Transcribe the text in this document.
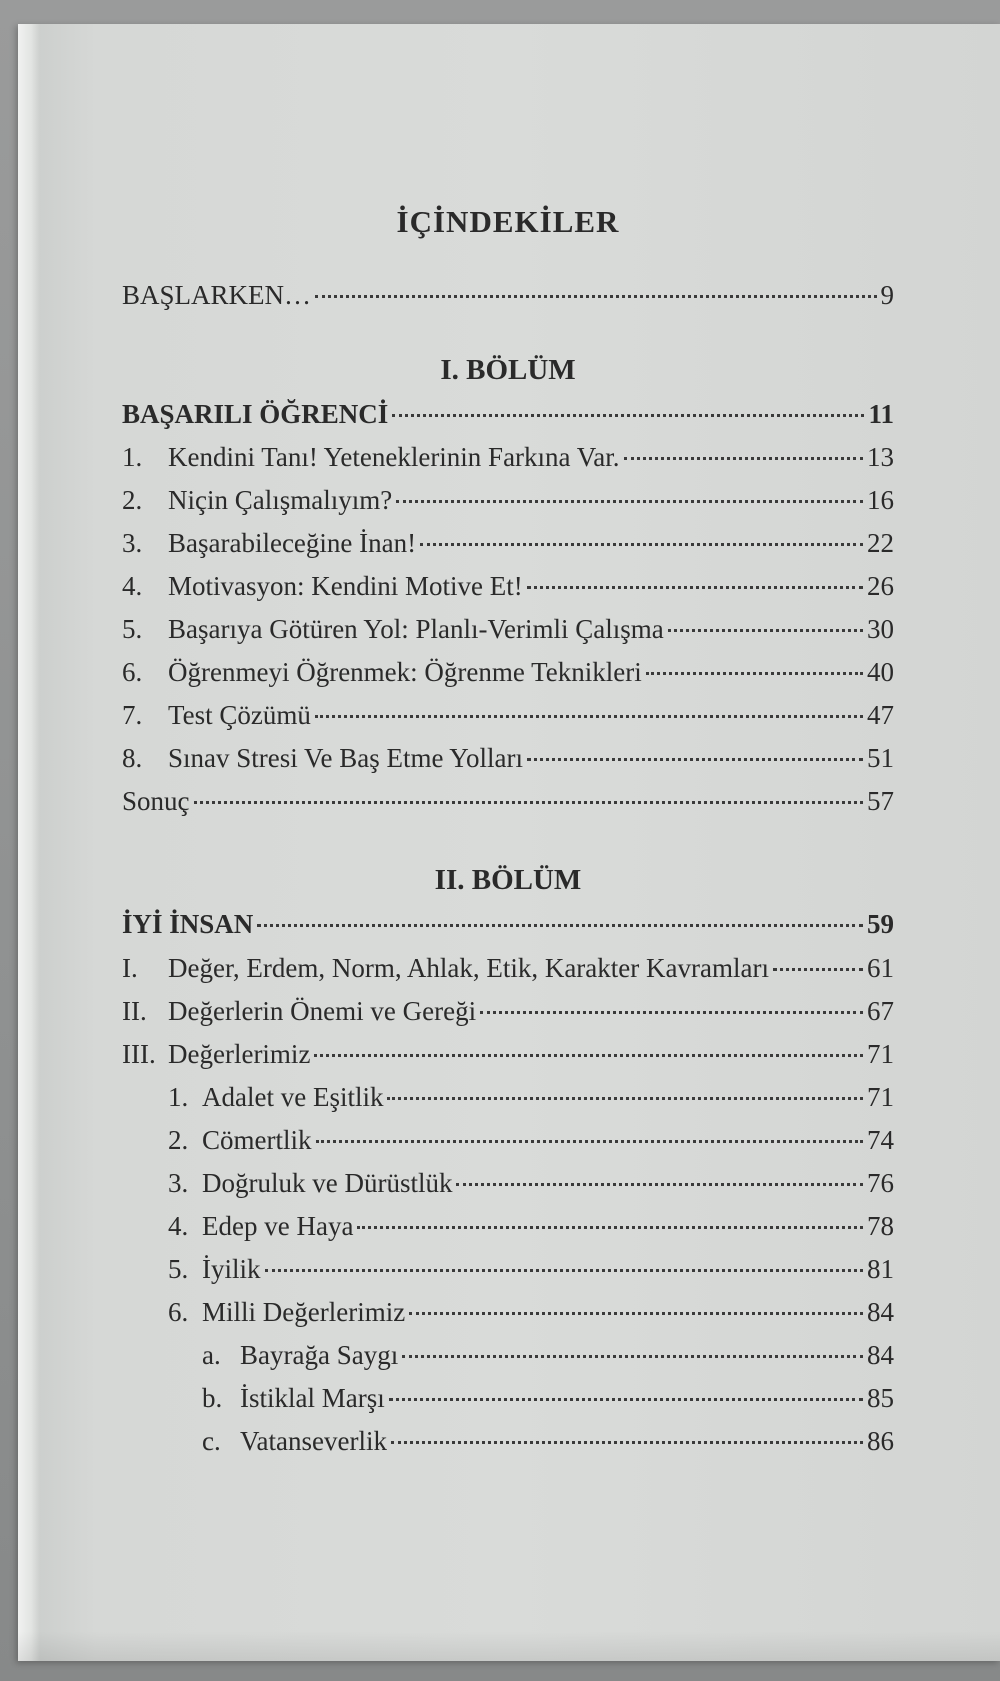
İÇİNDEKİLER
BAŞLARKEN…	9
I. BÖLÜM
BAŞARILI ÖĞRENCİ	11
1. Kendini Tanı! Yeteneklerinin Farkına Var.	13
2. Niçin Çalışmalıyım?	16
3. Başarabileceğine İnan!	22
4. Motivasyon: Kendini Motive Et!	26
5. Başarıya Götüren Yol: Planlı-Verimli Çalışma	30
6. Öğrenmeyi Öğrenmek: Öğrenme Teknikleri	40
7. Test Çözümü	47
8. Sınav Stresi Ve Baş Etme Yolları	51
Sonuç	57
II. BÖLÜM
İYİ İNSAN	59
I.	Değer, Erdem, Norm, Ahlak, Etik, Karakter Kavramları	61
II. Değerlerin Önemi ve Gereği	67
III. Değerlerimiz	71
1. Adalet ve Eşitlik	71
2. Cömertlik	74
3. Doğruluk ve Dürüstlük	76
4. Edep ve Haya	78
5. İyilik	81
6. Milli Değerlerimiz	84
a. Bayrağa Saygı	84
b. İstiklal Marşı	85
c. Vatanseverlik	86
